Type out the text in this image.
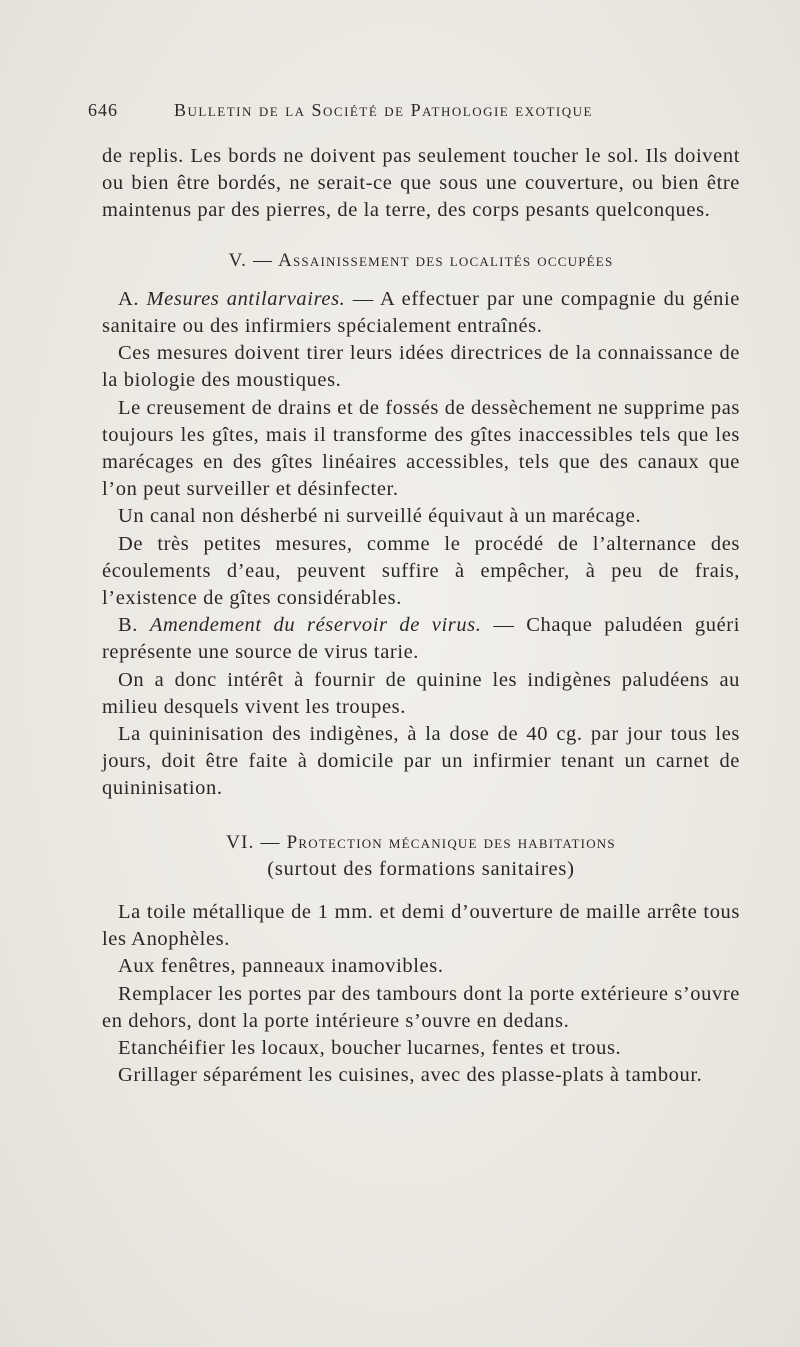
646	Bulletin de la Société de Pathologie exotique

de replis. Les bords ne doivent pas seulement toucher le sol. Ils doivent ou bien être bordés, ne serait-ce que sous une couverture, ou bien être maintenus par des pierres, de la terre, des corps pesants quelconques.

V. — Assainissement des localités occupées

A. Mesures antilarvaires. — A effectuer par une compagnie du génie sanitaire ou des infirmiers spécialement entraînés.

Ces mesures doivent tirer leurs idées directrices de la connaissance de la biologie des moustiques.

Le creusement de drains et de fossés de dessèchement ne supprime pas toujours les gîtes, mais il transforme des gîtes inaccessibles tels que les marécages en des gîtes linéaires accessibles, tels que des canaux que l’on peut surveiller et désinfecter.

Un canal non désherbé ni surveillé équivaut à un marécage.

De très petites mesures, comme le procédé de l’alternance des écoulements d’eau, peuvent suffire à empêcher, à peu de frais, l’existence de gîtes considérables.

B. Amendement du réservoir de virus. — Chaque paludéen guéri représente une source de virus tarie.

On a donc intérêt à fournir de quinine les indigènes paludéens au milieu desquels vivent les troupes.

La quininisation des indigènes, à la dose de 40 cg. par jour tous les jours, doit être faite à domicile par un infirmier tenant un carnet de quininisation.

VI. — Protection mécanique des habitations

(surtout des formations sanitaires)

La toile métallique de 1 mm. et demi d’ouverture de maille arrête tous les Anophèles.

Aux fenêtres, panneaux inamovibles.

Remplacer les portes par des tambours dont la porte extérieure s’ouvre en dehors, dont la porte intérieure s’ouvre en dedans.

Etanchéifier les locaux, boucher lucarnes, fentes et trous.

Grillager séparément les cuisines, avec des plasse-plats à tambour.
